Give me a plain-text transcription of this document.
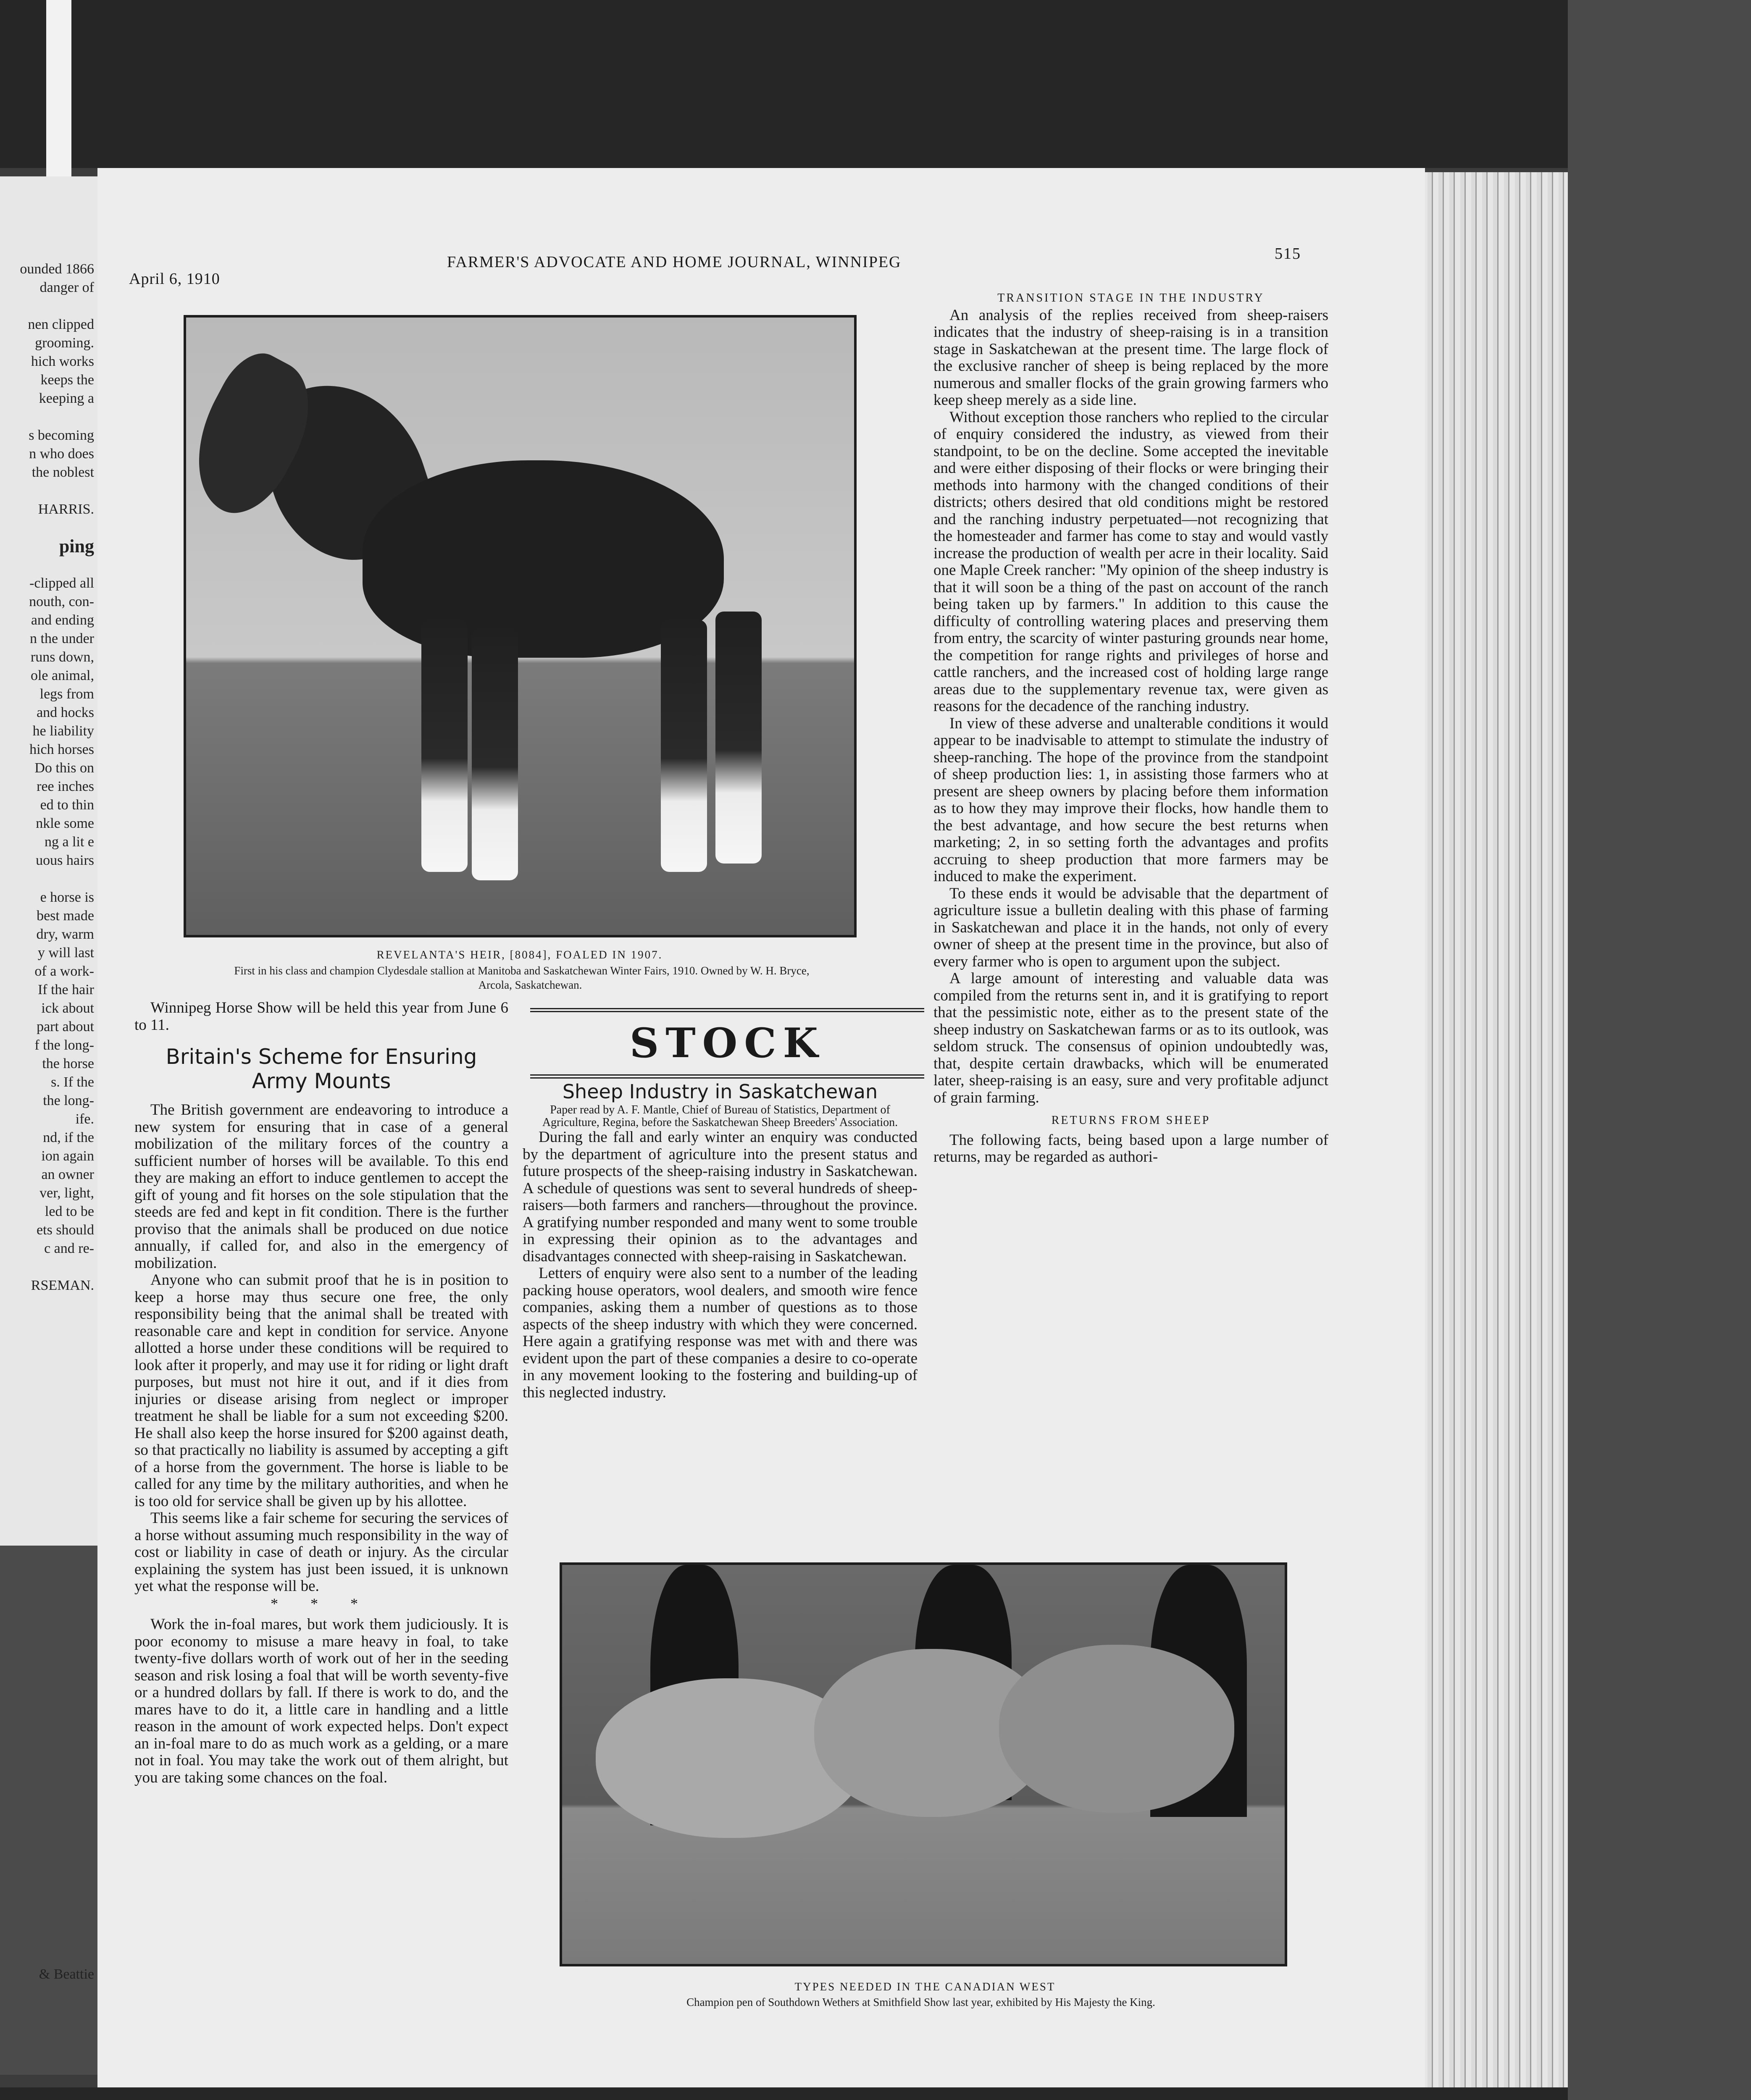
& Beattie
ounded 1866
danger of
nen clipped
grooming.
hich works
keeps the
keeping a
s becoming
n who does
the noblest
HARRIS.
ping
-clipped all
nouth, con-
and ending
n the under
runs down,
ole animal,
legs from
and hocks
he liability
hich horses
Do this on
ree inches
ed to thin
nkle some
ng a lit e
uous hairs
e horse is
best made
dry, warm
y will last
of a work-
If the hair
ick about
part about
f the long-
the horse
s. If the
the long-
ife.
nd, if the
ion again
an owner
ver, light,
led to be
ets should
c and re-
RSEMAN.
April 6, 1910
FARMER'S ADVOCATE AND HOME JOURNAL, WINNIPEG	515
REVELANTA'S HEIR, [8084], FOALED IN 1907.
First in his class and champion Clydesdale stallion at Manitoba and Saskatchewan Winter Fairs, 1910. Owned by W. H. Bryce,
Arcola, Saskatchewan.

Winnipeg Horse Show will be held this year from June 6 to 11.

Britain's Scheme for Ensuring Army Mounts

The British government are endeavoring to introduce a new system for ensuring that in case of a general mobilization of the military forces of the country a sufficient number of horses will be available. To this end they are making an effort to induce gentlemen to accept the gift of young and fit horses on the sole stipulation that the steeds are fed and kept in fit condition. There is the further proviso that the animals shall be produced on due notice annually, if called for, and also in the emergency of mobilization.

Anyone who can submit proof that he is in position to keep a horse may thus secure one free, the only responsibility being that the animal shall be treated with reasonable care and kept in condition for service. Anyone allotted a horse under these conditions will be required to look after it properly, and may use it for riding or light draft purposes, but must not hire it out, and if it dies from injuries or disease arising from neglect or improper treatment he shall be liable for a sum not exceeding $200. He shall also keep the horse insured for $200 against death, so that practically no liability is assumed by accepting a gift of a horse from the government. The horse is liable to be called for any time by the military authorities, and when he is too old for service shall be given up by his allottee.

This seems like a fair scheme for securing the services of a horse without assuming much responsibility in the way of cost or liability in case of death or injury. As the circular explaining the system has just been issued, it is unknown yet what the response will be.

* * *

Work the in-foal mares, but work them judiciously. It is poor economy to misuse a mare heavy in foal, to take twenty-five dollars worth of work out of her in the seeding season and risk losing a foal that will be worth seventy-five or a hundred dollars by fall. If there is work to do, and the mares have to do it, a little care in handling and a little reason in the amount of work expected helps. Don't expect an in-foal mare to do as much work as a gelding, or a mare not in foal. You may take the work out of them alright, but you are taking some chances on the foal.

STOCK

Sheep Industry in Saskatchewan

Paper read by A. F. Mantle, Chief of Bureau of Statistics, Department of Agriculture, Regina, before the Saskatchewan Sheep Breeders' Association.

During the fall and early winter an enquiry was conducted by the department of agriculture into the present status and future prospects of the sheep-raising industry in Saskatchewan. A schedule of questions was sent to several hundreds of sheep-raisers—both farmers and ranchers—throughout the province. A gratifying number responded and many went to some trouble in expressing their opinion as to the advantages and disadvantages connected with sheep-raising in Saskatchewan.

Letters of enquiry were also sent to a number of the leading packing house operators, wool dealers, and smooth wire fence companies, asking them a number of questions as to those aspects of the sheep industry with which they were concerned. Here again a gratifying response was met with and there was evident upon the part of these companies a desire to co-operate in any movement looking to the fostering and building-up of this neglected industry.

TRANSITION STAGE IN THE INDUSTRY

An analysis of the replies received from sheep-raisers indicates that the industry of sheep-raising is in a transition stage in Saskatchewan at the present time. The large flock of the exclusive rancher of sheep is being replaced by the more numerous and smaller flocks of the grain growing farmers who keep sheep merely as a side line.

Without exception those ranchers who replied to the circular of enquiry considered the industry, as viewed from their standpoint, to be on the decline. Some accepted the inevitable and were either disposing of their flocks or were bringing their methods into harmony with the changed conditions of their districts; others desired that old conditions might be restored and the ranching industry perpetuated—not recognizing that the homesteader and farmer has come to stay and would vastly increase the production of wealth per acre in their locality. Said one Maple Creek rancher: "My opinion of the sheep industry is that it will soon be a thing of the past on account of the ranch being taken up by farmers." In addition to this cause the difficulty of controlling watering places and preserving them from entry, the scarcity of winter pasturing grounds near home, the competition for range rights and privileges of horse and cattle ranchers, and the increased cost of holding large range areas due to the supplementary revenue tax, were given as reasons for the decadence of the ranching industry.

In view of these adverse and unalterable conditions it would appear to be inadvisable to attempt to stimulate the industry of sheep-ranching. The hope of the province from the standpoint of sheep production lies: 1, in assisting those farmers who at present are sheep owners by placing before them information as to how they may improve their flocks, how handle them to the best advantage, and how secure the best returns when marketing; 2, in so setting forth the advantages and profits accruing to sheep production that more farmers may be induced to make the experiment.

To these ends it would be advisable that the department of agriculture issue a bulletin dealing with this phase of farming in Saskatchewan and place it in the hands, not only of every owner of sheep at the present time in the province, but also of every farmer who is open to argument upon the subject.

A large amount of interesting and valuable data was compiled from the returns sent in, and it is gratifying to report that the pessimistic note, either as to the present state of the sheep industry on Saskatchewan farms or as to its outlook, was seldom struck. The consensus of opinion undoubtedly was, that, despite certain drawbacks, which will be enumerated later, sheep-raising is an easy, sure and very profitable adjunct of grain farming.

RETURNS FROM SHEEP

The following facts, being based upon a large number of returns, may be regarded as authori-

TYPES NEEDED IN THE CANADIAN WEST
Champion pen of Southdown Wethers at Smithfield Show last year, exhibited by His Majesty the King.
